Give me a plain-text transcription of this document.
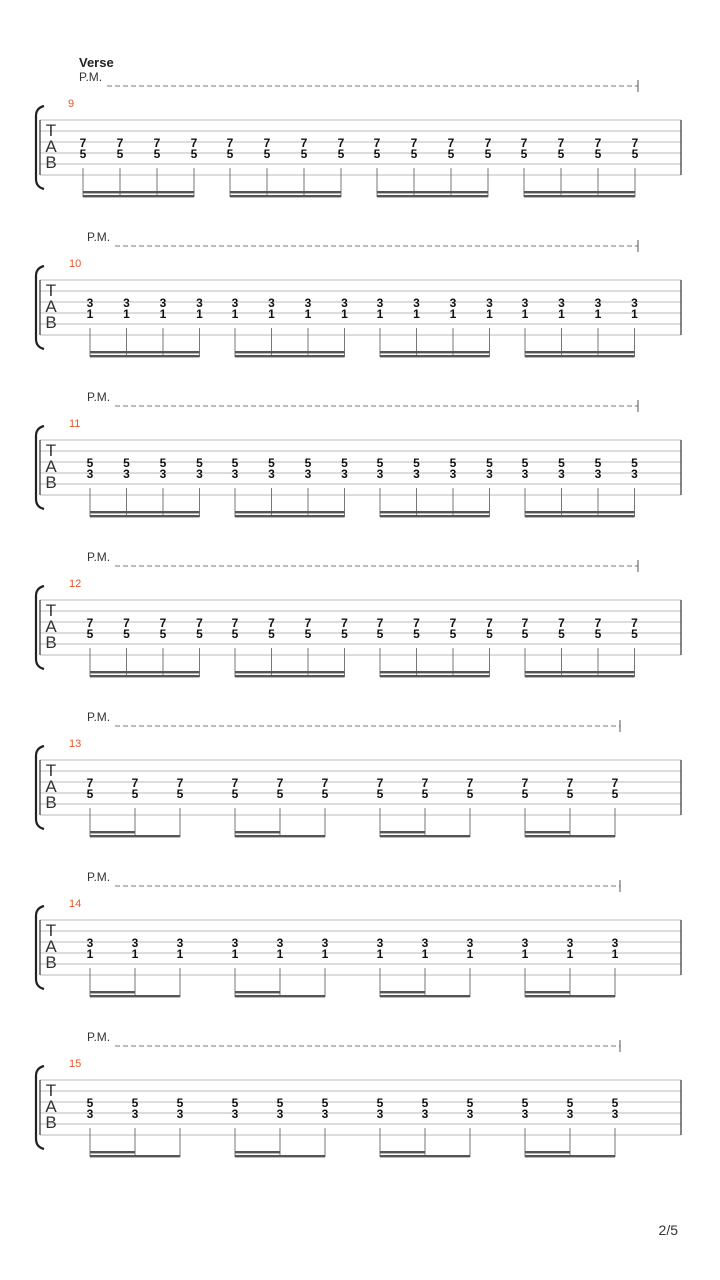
Verse
P.M.
9
T
A
B
7
5
7
5
7
5
7
5
7
5
7
5
7
5
7
5
7
5
7
5
7
5
7
5
7
5
7
5
7
5
7
5
P.M.
10
T
A
B
3
1
3
1
3
1
3
1
3
1
3
1
3
1
3
1
3
1
3
1
3
1
3
1
3
1
3
1
3
1
3
1
P.M.
11
T
A
B
5
3
5
3
5
3
5
3
5
3
5
3
5
3
5
3
5
3
5
3
5
3
5
3
5
3
5
3
5
3
5
3
P.M.
12
T
A
B
7
5
7
5
7
5
7
5
7
5
7
5
7
5
7
5
7
5
7
5
7
5
7
5
7
5
7
5
7
5
7
5
P.M.
13
T
A
B
7
5
7
5
7
5
7
5
7
5
7
5
7
5
7
5
7
5
7
5
7
5
7
5
P.M.
14
T
A
B
3
1
3
1
3
1
3
1
3
1
3
1
3
1
3
1
3
1
3
1
3
1
3
1
P.M.
15
T
A
B
5
3
5
3
5
3
5
3
5
3
5
3
5
3
5
3
5
3
5
3
5
3
5
3
2/5
